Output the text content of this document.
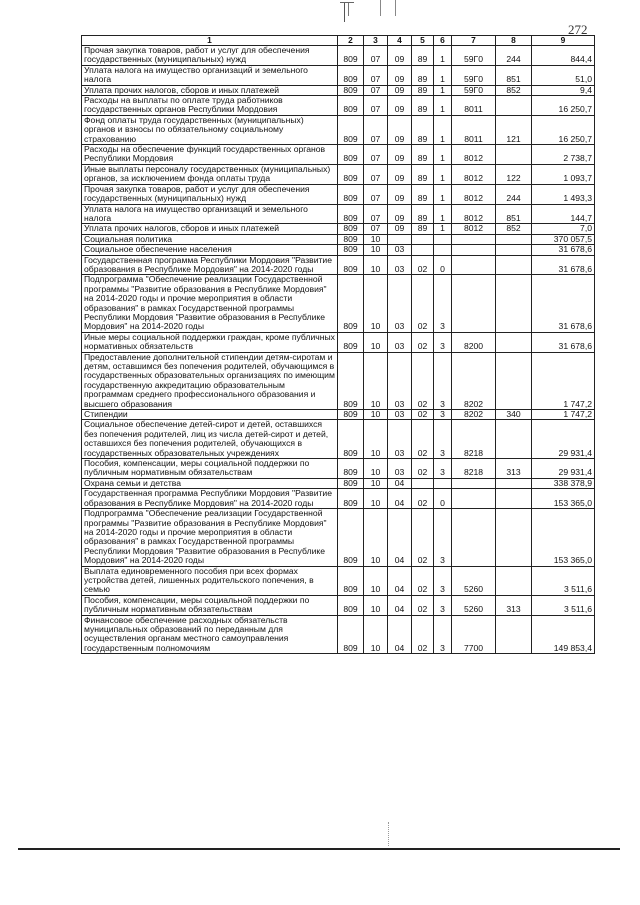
272
1	2	3	4	5	6	7	8	9
Прочая закупка товаров, работ и услуг для обеспечения государственных (муниципальных) нужд	809	07	09	89	1	59Г0	244	844,4
Уплата налога на имущество организаций и земельного налога	809	07	09	89	1	59Г0	851	51,0
Уплата прочих налогов, сборов и иных платежей	809	07	09	89	1	59Г0	852	9,4
Расходы на выплаты по оплате труда работников государственных органов Республики Мордовия	809	07	09	89	1	8011		16 250,7
Фонд оплаты труда государственных (муниципальных) органов и взносы по обязательному социальному страхованию	809	07	09	89	1	8011	121	16 250,7
Расходы на обеспечение функций государственных органов Республики Мордовия	809	07	09	89	1	8012		2 738,7
Иные выплаты персоналу государственных (муниципальных) органов, за исключением фонда оплаты труда	809	07	09	89	1	8012	122	1 093,7
Прочая закупка товаров, работ и услуг для обеспечения государственных (муниципальных) нужд	809	07	09	89	1	8012	244	1 493,3
Уплата налога на имущество организаций и земельного налога	809	07	09	89	1	8012	851	144,7
Уплата прочих налогов, сборов и иных платежей	809	07	09	89	1	8012	852	7,0
Социальная политика	809	10						370 057,5
Социальное обеспечение населения	809	10	03					31 678,6
Государственная программа Республики Мордовия "Развитие образования в Республике Мордовия" на 2014-2020 годы	809	10	03	02	0			31 678,6
Подпрограмма "Обеспечение реализации Государственной программы "Развитие образования в Республике Мордовия" на 2014-2020 годы и прочие мероприятия в области образования" в рамках Государственной программы Республики Мордовия "Развитие образования в Республике Мордовия" на 2014-2020 годы	809	10	03	02	3			31 678,6
Иные меры социальной поддержки граждан, кроме публичных нормативных обязательств	809	10	03	02	3	8200		31 678,6
Предоставление дополнительной стипендии детям-сиротам и детям, оставшимся без попечения родителей, обучающимся в государственных образовательных организациях по имеющим государственную аккредитацию образовательным программам среднего профессионального образования и высшего образования	809	10	03	02	3	8202		1 747,2
Стипендии	809	10	03	02	3	8202	340	1 747,2
Социальное обеспечение детей-сирот и детей, оставшихся без попечения родителей, лиц из числа детей-сирот и детей, оставшихся без попечения родителей, обучающихся в государственных образовательных учреждениях	809	10	03	02	3	8218		29 931,4
Пособия, компенсации, меры социальной поддержки по публичным нормативным обязательствам	809	10	03	02	3	8218	313	29 931,4
Охрана семьи и детства	809	10	04					338 378,9
Государственная программа Республики Мордовия "Развитие образования в Республике Мордовия" на 2014-2020 годы	809	10	04	02	0			153 365,0
Подпрограмма "Обеспечение реализации Государственной программы "Развитие образования в Республике Мордовия" на 2014-2020 годы и прочие мероприятия в области образования" в рамках Государственной программы Республики Мордовия "Развитие образования в Республике Мордовия" на 2014-2020 годы	809	10	04	02	3			153 365,0
Выплата единовременного пособия при всех формах устройства детей, лишенных родительского попечения, в семью	809	10	04	02	3	5260		3 511,6
Пособия, компенсации, меры социальной поддержки по публичным нормативным обязательствам	809	10	04	02	3	5260	313	3 511,6
Финансовое обеспечение расходных обязательств муниципальных образований по переданным для осуществления органам местного самоуправления государственным полномочиям	809	10	04	02	3	7700		149 853,4
